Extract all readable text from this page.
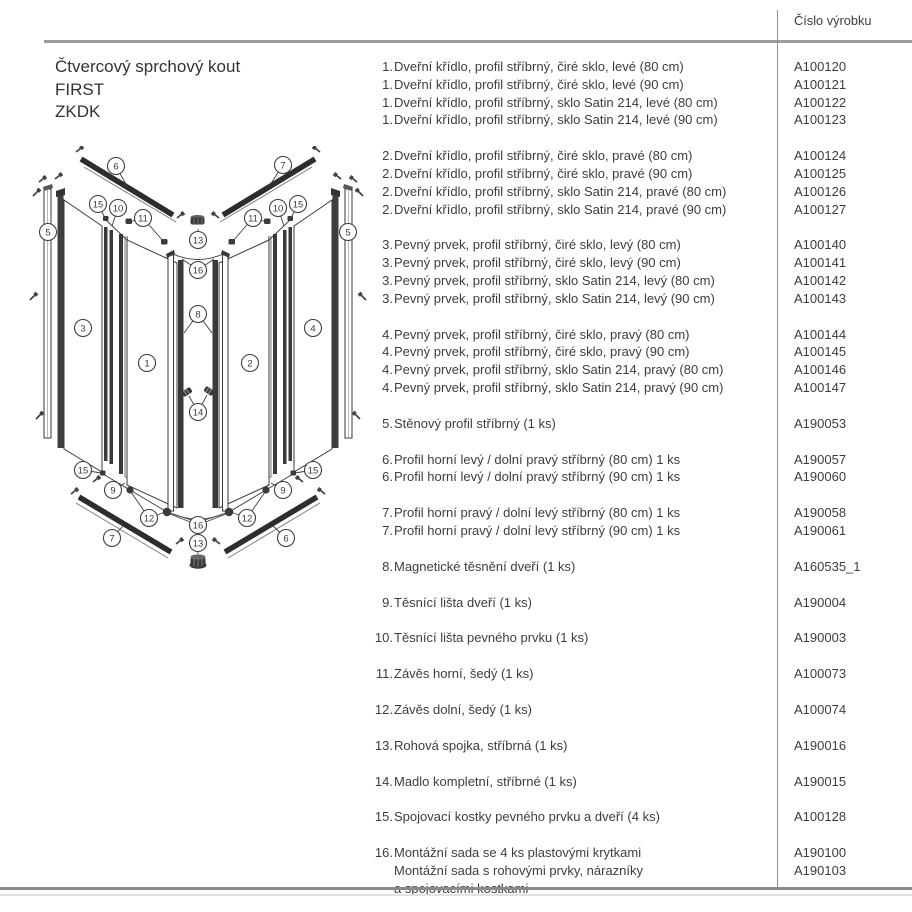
Číslo výrobku
Čtvercový sprchový kout
FIRST
ZKDK
6	7
5
15 10
11
13
11
10 15
5
16
8
3	4
1	2
14
15
9
12
16
12
9
15
7	6
13
1.Dveřní křídlo, profil stříbrný, čiré sklo, levé (80 cm)	A100120
1.Dveřní křídlo, profil stříbrný, čiré sklo, levé (90 cm)	A100121
1.Dveřní křídlo, profil stříbrný, sklo Satin 214, levé (80 cm)	A100122
1.Dveřní křídlo, profil stříbrný, sklo Satin 214, levé (90 cm)	A100123
2.Dveřní křídlo, profil stříbrný, čiré sklo, pravé (80 cm)	A100124
2.Dveřní křídlo, profil stříbrný, čiré sklo, pravé (90 cm)	A100125
2.Dveřní křídlo, profil stříbrný, sklo Satin 214, pravé (80 cm)	A100126
2.Dveřní křídlo, profil stříbrný, sklo Satin 214, pravé (90 cm)	A100127
3.Pevný prvek, profil stříbrný, čiré sklo, levý (80 cm)	A100140
3.Pevný prvek, profil stříbrný, čiré sklo, levý (90 cm)	A100141
3.Pevný prvek, profil stříbrný, sklo Satin 214, levý (80 cm)	A100142
3.Pevný prvek, profil stříbrný, sklo Satin 214, levý (90 cm)	A100143
4.Pevný prvek, profil stříbrný, čiré sklo, pravý (80 cm)	A100144
4.Pevný prvek, profil stříbrný, čiré sklo, pravý (90 cm)	A100145
4.Pevný prvek, profil stříbrný, sklo Satin 214, pravý (80 cm)	A100146
4.Pevný prvek, profil stříbrný, sklo Satin 214, pravý (90 cm)	A100147
5.Stěnový profil stříbrný (1 ks)	A190053
6.Profil horní levý / dolní pravý stříbrný (80 cm) 1 ks	A190057
6.Profil horní levý / dolní pravý stříbrný (90 cm) 1 ks	A190060
7.Profil horní pravý / dolní levý stříbrný (80 cm) 1 ks	A190058
7.Profil horní pravý / dolní levý stříbrný (90 cm) 1 ks	A190061
8.Magnetické těsnění dveří (1 ks)	A160535_1
9.Těsnící lišta dveří (1 ks)	A190004
10.Těsnící lišta pevného prvku (1 ks)	A190003
11.Závěs horní, šedý (1 ks)	A100073
12.Závěs dolní, šedý (1 ks)	A100074
13.Rohová spojka, stříbrná (1 ks)	A190016
14.Madlo kompletní, stříbrné (1 ks)	A190015
15.Spojovací kostky pevného prvku a dveří (4 ks)	A100128
16.Montážní sada se 4 ks plastovými krytkami	A190100
Montážní sada s rohovými prvky, nárazníky	A190103
